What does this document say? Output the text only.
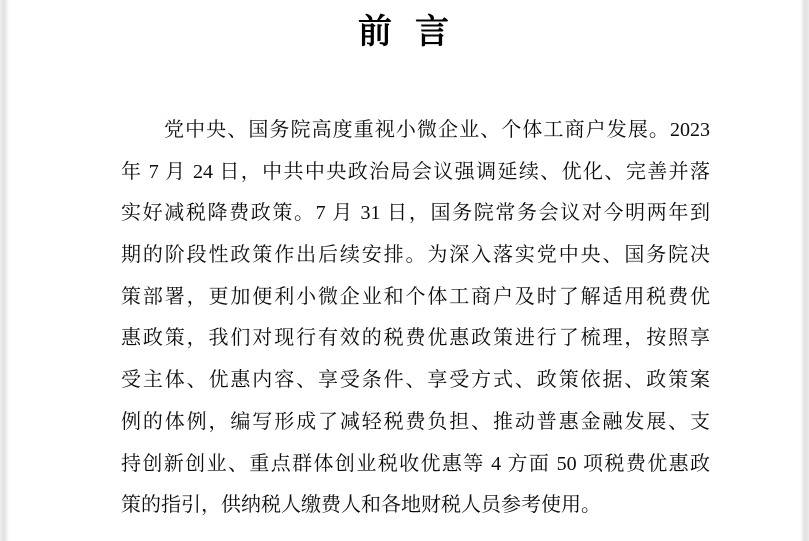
前  言
党中央、国务院高度重视小微企业、个体工商户发展。2023
年 7 月 24 日，中共中央政治局会议强调延续、优化、完善并落
实好减税降费政策。7 月 31 日，国务院常务会议对今明两年到
期的阶段性政策作出后续安排。为深入落实党中央、国务院决
策部署，更加便利小微企业和个体工商户及时了解适用税费优
惠政策，我们对现行有效的税费优惠政策进行了梳理，按照享
受主体、优惠内容、享受条件、享受方式、政策依据、政策案
例的体例，编写形成了减轻税费负担、推动普惠金融发展、支
持创新创业、重点群体创业税收优惠等 4 方面 50 项税费优惠政
策的指引，供纳税人缴费人和各地财税人员参考使用。
